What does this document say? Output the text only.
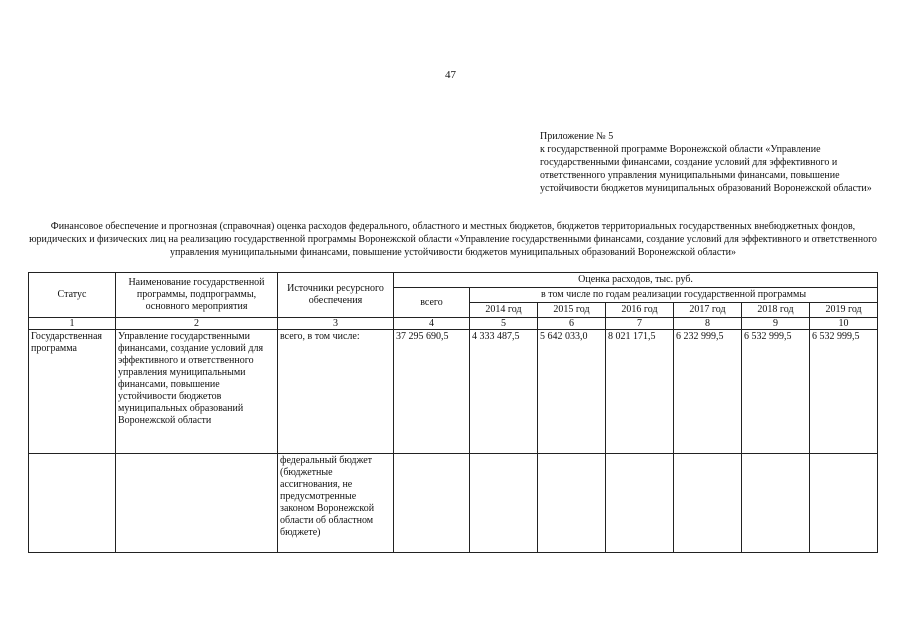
47
Приложение № 5
к государственной программе Воронежской области «Управление государственными финансами, создание условий для эффективного и ответственного управления муниципальными финансами, повышение устойчивости бюджетов муниципальных образований Воронежской области»
Финансовое обеспечение и прогнозная (справочная) оценка расходов федерального, областного и местных бюджетов, бюджетов территориальных государственных внебюджетных фондов, юридических и физических лиц на реализацию государственной программы Воронежской области «Управление государственными финансами, создание условий для эффективного и ответственного управления муниципальными финансами, повышение устойчивости бюджетов муниципальных образований Воронежской области»
Статус	Наименование государственной программы, подпрограммы, основного мероприятия	Источники ресурсного обеспечения	Оценка расходов, тыс. руб.						
			всего	в том числе по годам реализации государственной программы					
				2014 год	2015 год	2016 год	2017 год	2018 год	2019 год
1	2	3	4	5	6	7	8	9	10
Государственная программа	Управление государственными финансами, создание условий для эффективного и ответственного управления муниципальными финансами, повышение устойчивости бюджетов муниципальных образований Воронежской области	всего, в том числе:	37 295 690,5	4 333 487,5	5 642 033,0	8 021 171,5	6 232 999,5	6 532 999,5	6 532 999,5
		федеральный бюджет (бюджетные ассигнования, не предусмотренные законом Воронежской области об областном бюджете)							
